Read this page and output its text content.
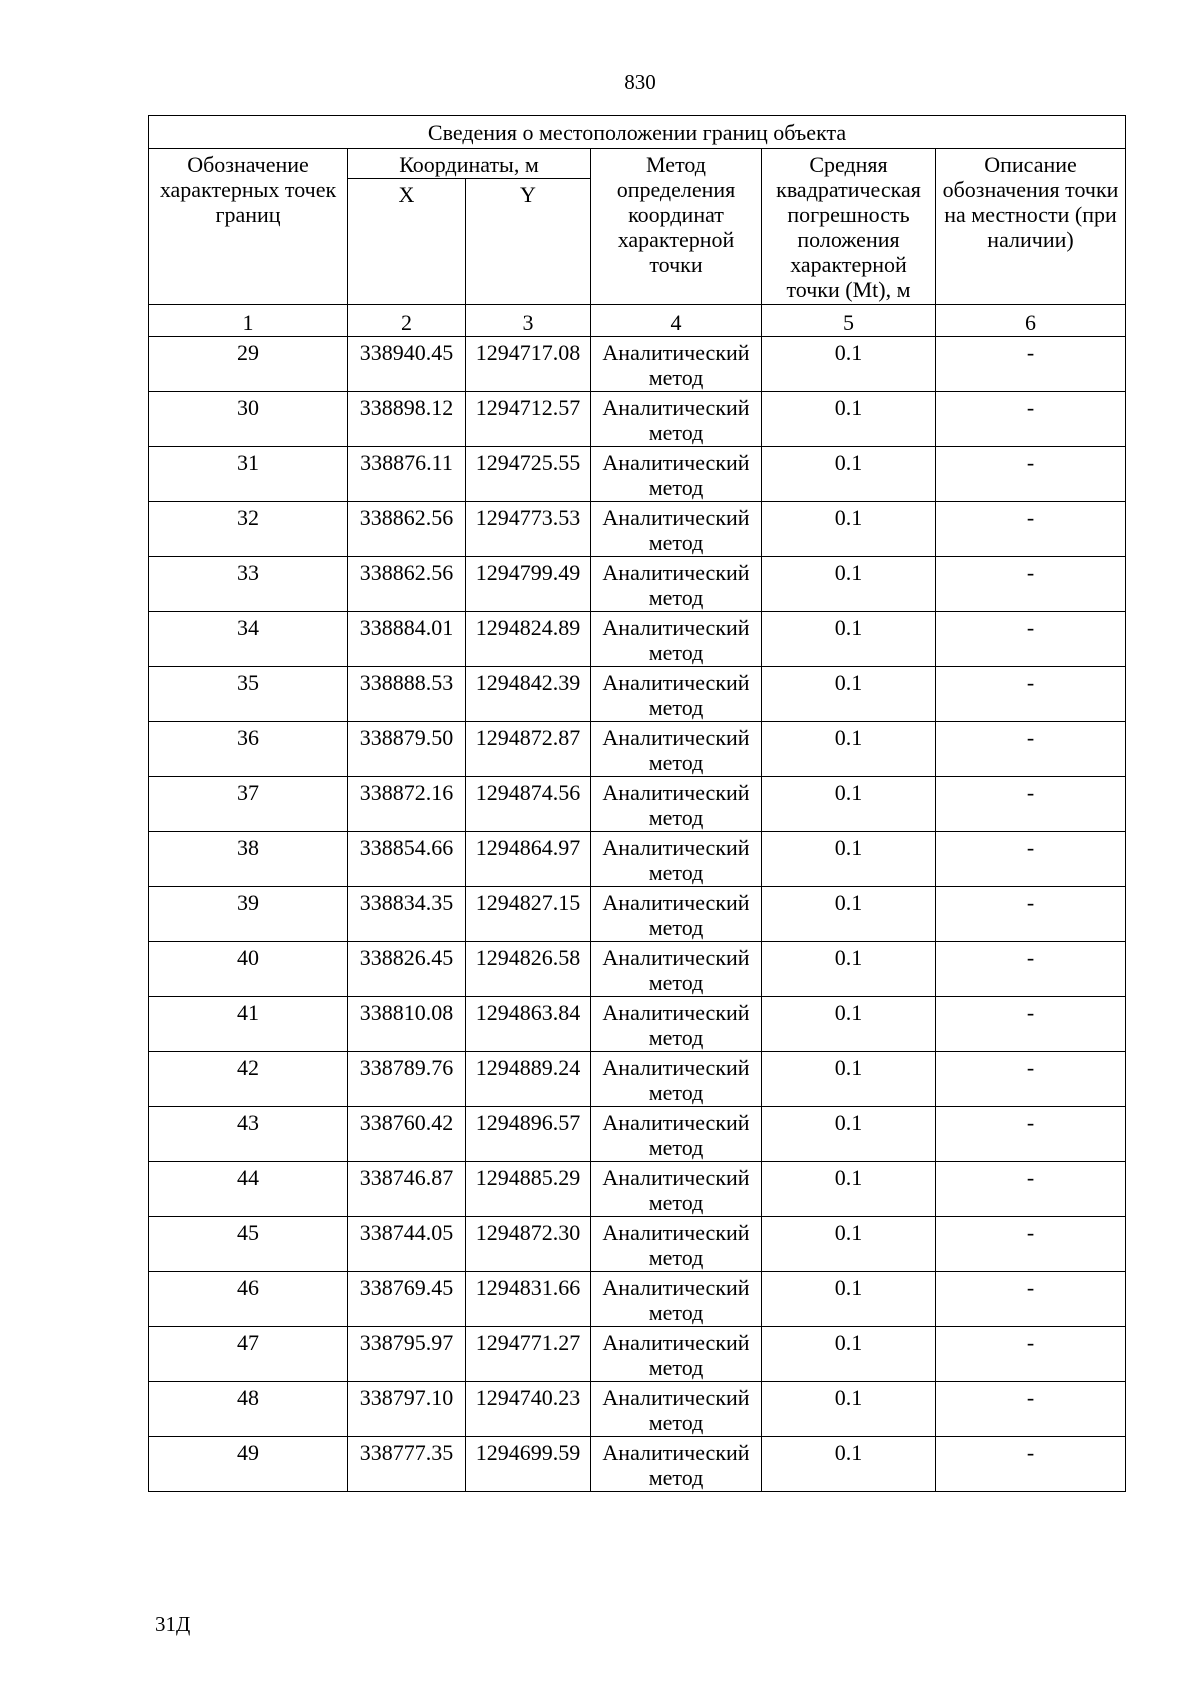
830
Сведения о местоположении границ объекта					
Обозначение характерных точек границ	Координаты, м		Метод определения координат характерной точки	Средняя квадратическая погрешность положения характерной точки (Mt), м	Описание обозначения точки на местности (при наличии)
	X	Y			
1	2	3	4	5	6
29	338940.45	1294717.08	Аналитический метод	0.1	-
30	338898.12	1294712.57	Аналитический метод	0.1	-
31	338876.11	1294725.55	Аналитический метод	0.1	-
32	338862.56	1294773.53	Аналитический метод	0.1	-
33	338862.56	1294799.49	Аналитический метод	0.1	-
34	338884.01	1294824.89	Аналитический метод	0.1	-
35	338888.53	1294842.39	Аналитический метод	0.1	-
36	338879.50	1294872.87	Аналитический метод	0.1	-
37	338872.16	1294874.56	Аналитический метод	0.1	-
38	338854.66	1294864.97	Аналитический метод	0.1	-
39	338834.35	1294827.15	Аналитический метод	0.1	-
40	338826.45	1294826.58	Аналитический метод	0.1	-
41	338810.08	1294863.84	Аналитический метод	0.1	-
42	338789.76	1294889.24	Аналитический метод	0.1	-
43	338760.42	1294896.57	Аналитический метод	0.1	-
44	338746.87	1294885.29	Аналитический метод	0.1	-
45	338744.05	1294872.30	Аналитический метод	0.1	-
46	338769.45	1294831.66	Аналитический метод	0.1	-
47	338795.97	1294771.27	Аналитический метод	0.1	-
48	338797.10	1294740.23	Аналитический метод	0.1	-
49	338777.35	1294699.59	Аналитический метод	0.1	-
31Д
